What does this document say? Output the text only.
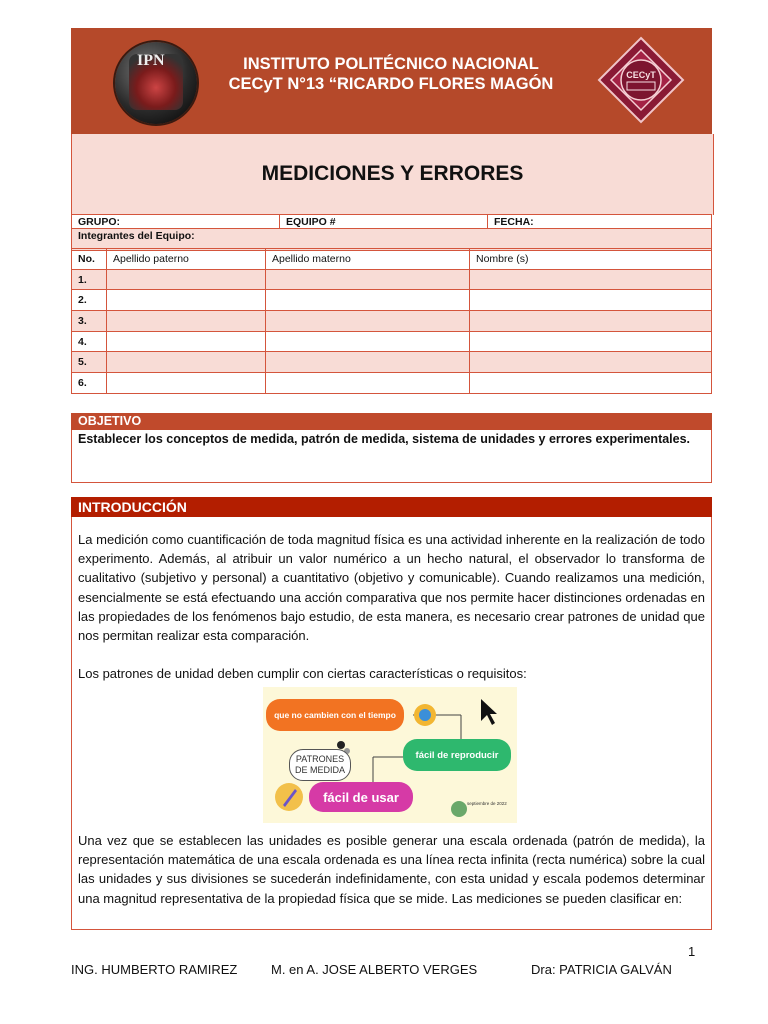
IPN	INSTITUTO POLITÉCNICO NACIONAL
CECyT N°13 “RICARDO FLORES MAGÓN	CECyT
MEDICIONES Y ERRORES
GRUPO:	EQUIPO #	FECHA:
Integrantes del Equipo:
No.	Apellido paterno	Apellido materno	Nombre (s)
1.			
2.			
3.			
4.			
5.			
6.			
OBJETIVO
Establecer los conceptos de medida, patrón de medida, sistema de unidades y errores experimentales.
INTRODUCCIÓN
La medición como cuantificación de toda magnitud física es una actividad inherente en la realización de todo experimento. Además, al atribuir un valor numérico a un hecho natural, el observador lo transforma de cualitativo (subjetivo y personal) a cuantitativo (objetivo y comunicable). Cuando realizamos una medición, esencialmente se está efectuando una acción comparativa que nos permite hacer distinciones ordenadas en las propiedades de los fenómenos bajo estudio, de esta manera, es necesario crear patrones de unidad que nos permitan realizar esta comparación.
Los patrones de unidad deben cumplir con ciertas características o requisitos:
que no cambien con el tiempo
fácil de reproducir
fácil de usar
PATRONES DE MEDIDA
septiembre de 2022
Una vez que se establecen las unidades es posible generar una escala ordenada (patrón de medida), la representación matemática de una escala ordenada es una línea recta infinita (recta numérica) sobre la cual las unidades y sus divisiones se sucederán indefinidamente, con esta unidad y escala podemos determinar una magnitud representativa de la propiedad física que se mide. Las mediciones se pueden clasificar en:
1
ING. HUMBERTO RAMIREZ	M. en A. JOSE ALBERTO VERGES	Dra: PATRICIA GALVÁN
